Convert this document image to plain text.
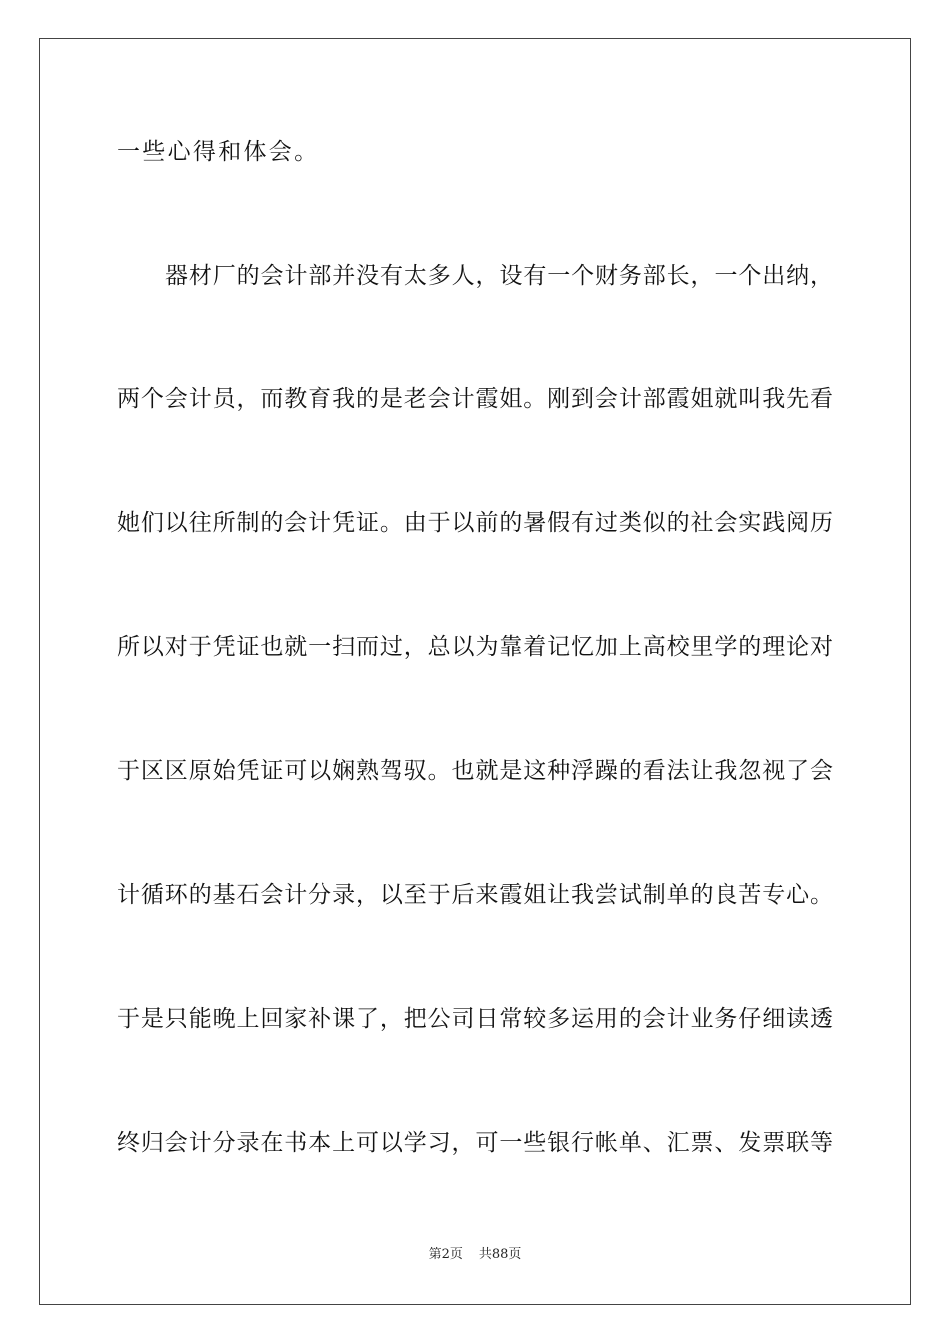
一些心得和体会。
器材厂的会计部并没有太多人，设有一个财务部长，一个出纳，
两个会计员，而教育我的是老会计霞姐。刚到会计部霞姐就叫我先看
她们以往所制的会计凭证。由于以前的暑假有过类似的社会实践阅历
所以对于凭证也就一扫而过，总以为靠着记忆加上高校里学的理论对
于区区原始凭证可以娴熟驾驭。也就是这种浮躁的看法让我忽视了会
计循环的基石会计分录，以至于后来霞姐让我尝试制单的良苦专心。
于是只能晚上回家补课了，把公司日常较多运用的会计业务仔细读透
终归会计分录在书本上可以学习，可一些银行帐单、汇票、发票联等
第2页 共88页
